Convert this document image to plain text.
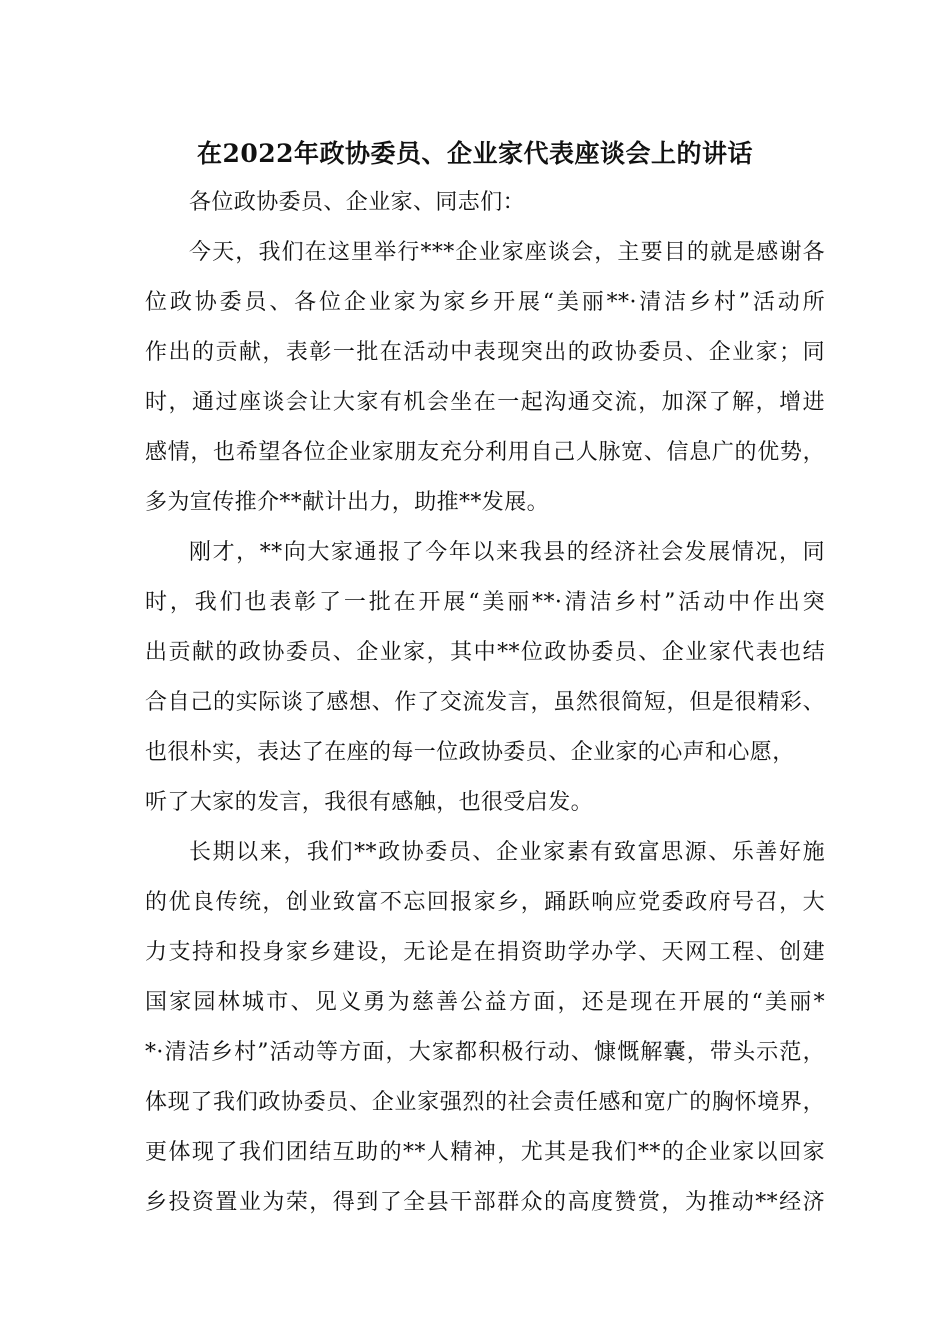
在2022年政协委员、企业家代表座谈会上的讲话
各位政协委员、企业家、同志们：
今天，我们在这里举行***企业家座谈会，主要目的就是感谢各
位政协委员、各位企业家为家乡开展“美丽**·清洁乡村”活动所
作出的贡献，表彰一批在活动中表现突出的政协委员、企业家；同
时，通过座谈会让大家有机会坐在一起沟通交流，加深了解，增进
感情，也希望各位企业家朋友充分利用自己人脉宽、信息广的优势，
多为宣传推介**献计出力，助推**发展。
刚才，**向大家通报了今年以来我县的经济社会发展情况，同
时，我们也表彰了一批在开展“美丽**·清洁乡村”活动中作出突
出贡献的政协委员、企业家，其中**位政协委员、企业家代表也结
合自己的实际谈了感想、作了交流发言，虽然很简短，但是很精彩、
也很朴实，表达了在座的每一位政协委员、企业家的心声和心愿，
听了大家的发言，我很有感触，也很受启发。
长期以来，我们**政协委员、企业家素有致富思源、乐善好施
的优良传统，创业致富不忘回报家乡，踊跃响应党委政府号召，大
力支持和投身家乡建设，无论是在捐资助学办学、天网工程、创建
国家园林城市、见义勇为慈善公益方面，还是现在开展的“美丽*
*·清洁乡村”活动等方面，大家都积极行动、慷慨解囊，带头示范，
体现了我们政协委员、企业家强烈的社会责任感和宽广的胸怀境界，
更体现了我们团结互助的**人精神，尤其是我们**的企业家以回家
乡投资置业为荣，得到了全县干部群众的高度赞赏，为推动**经济
